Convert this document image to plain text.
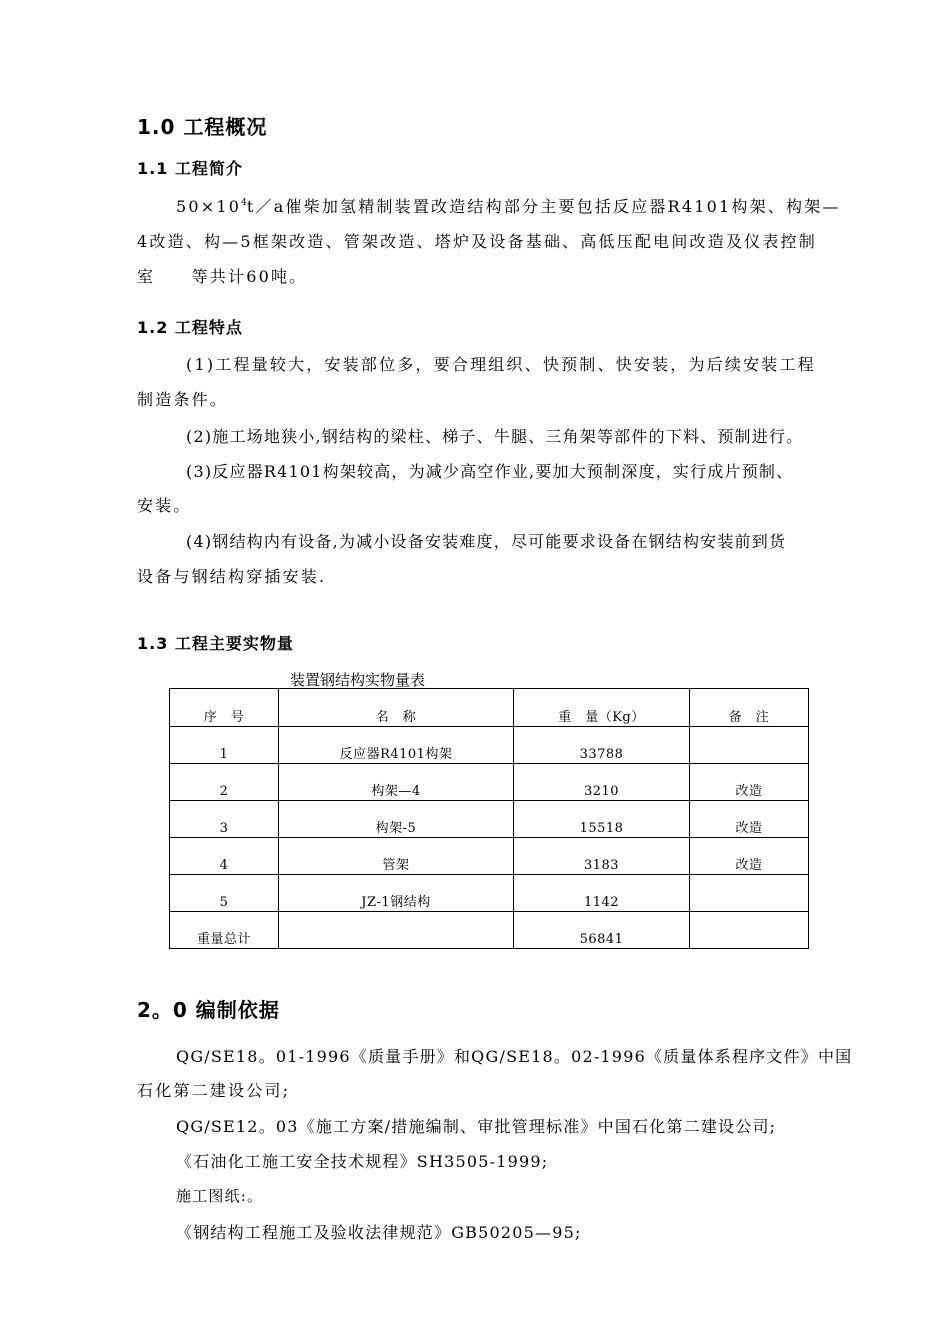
1.0 工程概况
1.1 工程简介
$50\times 10^4t/a$催柴加氢精制装置改造结构部分主要包括反应器R4101构架、构架—
4改造、构—5框架改造、管架改造、塔炉及设备基础、高低压配电间改造及仪表控制
室　　等共计60吨。
1.2 工程特点
(1)工程量较大，安装部位多，要合理组织、快预制、快安装，为后续安装工程
制造条件。
(2)施工场地狭小,钢结构的梁柱、梯子、牛腿、三角架等部件的下料、预制进行。
(3)反应器R4101构架较高，为减少高空作业,要加大预制深度，实行成片预制、
安装。
(4)钢结构内有设备,为减小设备安装难度，尽可能要求设备在钢结构安装前到货
设备与钢结构穿插安装.
1.3 工程主要实物量
装置钢结构实物量表
序　号	名　称	重　量（Kg）	备　注
1	反应器R4101构架	33788	
2	构架—4	3210	改造
3	构架-5	15518	改造
4	管架	3183	改造
5	JZ-1钢结构	1142	
重量总计		56841	
2。0 编制依据
QG/SE18。01-1996《质量手册》和QG/SE18。02-1996《质量体系程序文件》中国
石化第二建设公司;
QG/SE12。03《施工方案/措施编制、审批管理标准》中国石化第二建设公司;
《石油化工施工安全技术规程》SH3505-1999;
施工图纸:。
《钢结构工程施工及验收法律规范》GB50205—95;
